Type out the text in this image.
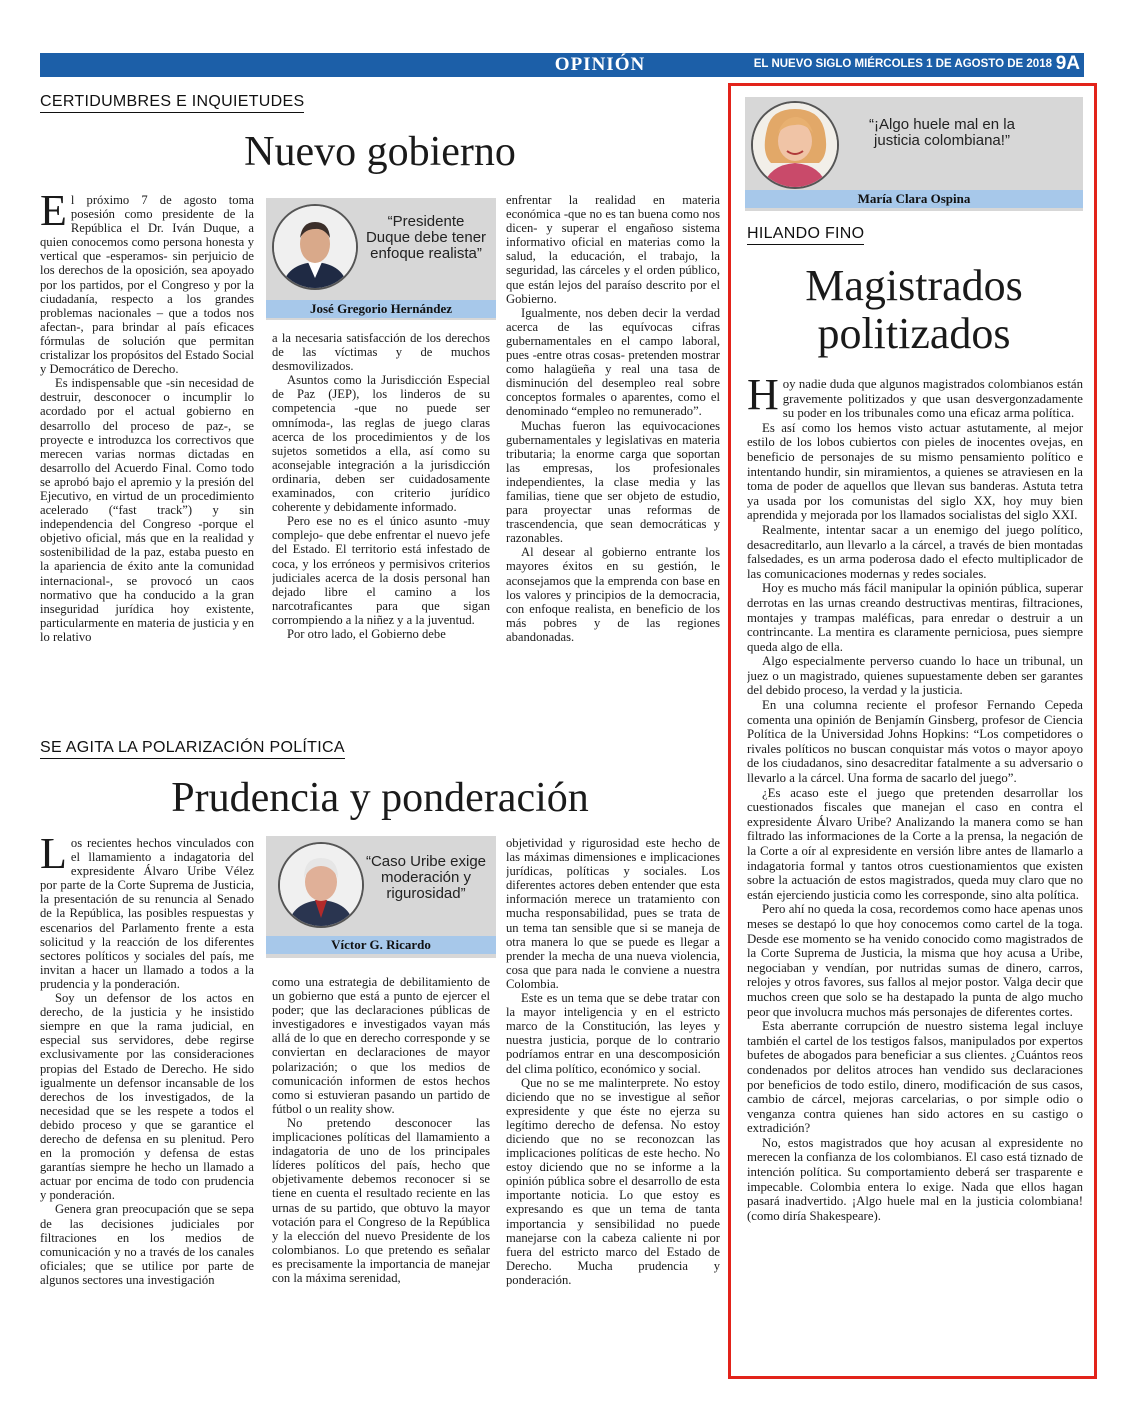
OPINIÓN	EL NUEVO SIGLO MIÉRCOLES 1 DE AGOSTO DE 2018 9A
CERTIDUMBRES E INQUIETUDES
Nuevo gobierno

El próximo 7 de agosto toma posesión como presidente de la República el Dr. Iván Duque, a quien conocemos como persona honesta y vertical que -esperamos- sin perjuicio de los derechos de la oposición, sea apoyado por los partidos, por el Congreso y por la ciudadanía, respecto a los grandes problemas nacionales – que a todos nos afectan-, para brindar al país eficaces fórmulas de solución que permitan cristalizar los propósitos del Estado Social y Democrático de Derecho.

Es indispensable que -sin necesidad de destruir, desconocer o incumplir lo acordado por el actual gobierno en desarrollo del proceso de paz-, se proyecte e introduzca los correctivos que merecen varias normas dictadas en desarrollo del Acuerdo Final. Como todo se aprobó bajo el apremio y la presión del Ejecutivo, en virtud de un procedimiento acelerado (“fast track”) y sin independencia del Congreso -porque el objetivo oficial, más que en la realidad y sostenibilidad de la paz, estaba puesto en la apariencia de éxito ante la comunidad internacional-, se provocó un caos normativo que ha conducido a la gran inseguridad jurídica hoy existente, particularmente en materia de justicia y en lo relativo

“Presidente Duque debe tener enfoque realista”
José Gregorio Hernández

a la necesaria satisfacción de los derechos de las víctimas y de muchos desmovilizados.

Asuntos como la Jurisdicción Especial de Paz (JEP), los linderos de su competencia -que no puede ser omnímoda-, las reglas de juego claras acerca de los procedimientos y de los sujetos sometidos a ella, así como su aconsejable integración a la jurisdicción ordinaria, deben ser cuidadosamente examinados, con criterio jurídico coherente y debidamente informado.

Pero ese no es el único asunto -muy complejo- que debe enfrentar el nuevo jefe del Estado. El territorio está infestado de coca, y los erróneos y permisivos criterios judiciales acerca de la dosis personal han dejado libre el camino a los narcotraficantes para que sigan corrompiendo a la niñez y a la juventud.

Por otro lado, el Gobierno debe

enfrentar la realidad en materia económica -que no es tan buena como nos dicen- y superar el engañoso sistema informativo oficial en materias como la salud, la educación, el trabajo, la seguridad, las cárceles y el orden público, que están lejos del paraíso descrito por el Gobierno.

Igualmente, nos deben decir la verdad acerca de las equívocas cifras gubernamentales en el campo laboral, pues -entre otras cosas- pretenden mostrar como halagüeña y real una tasa de disminución del desempleo real sobre conceptos formales o aparentes, como el denominado “empleo no remunerado”.

Muchas fueron las equivocaciones gubernamentales y legislativas en materia tributaria; la enorme carga que soportan las empresas, los profesionales independientes, la clase media y las familias, tiene que ser objeto de estudio, para proyectar unas reformas de trascendencia, que sean democráticas y razonables.

Al desear al gobierno entrante los mayores éxitos en su gestión, le aconsejamos que la emprenda con base en los valores y principios de la democracia, con enfoque realista, en beneficio de los más pobres y de las regiones abandonadas.

SE AGITA LA POLARIZACIÓN POLÍTICA
Prudencia y ponderación

Los recientes hechos vinculados con el llamamiento a indagatoria del expresidente Álvaro Uribe Vélez por parte de la Corte Suprema de Justicia, la presentación de su renuncia al Senado de la República, las posibles respuestas y escenarios del Parlamento frente a esta solicitud y la reacción de los diferentes sectores políticos y sociales del país, me invitan a hacer un llamado a todos a la prudencia y la ponderación.

Soy un defensor de los actos en derecho, de la justicia y he insistido siempre en que la rama judicial, en especial sus servidores, debe regirse exclusivamente por las consideraciones propias del Estado de Derecho. He sido igualmente un defensor incansable de los derechos de los investigados, de la necesidad que se les respete a todos el debido proceso y que se garantice el derecho de defensa en su plenitud. Pero en la promoción y defensa de estas garantías siempre he hecho un llamado a actuar por encima de todo con prudencia y ponderación.

Genera gran preocupación que se sepa de las decisiones judiciales por filtraciones en los medios de comunicación y no a través de los canales oficiales; que se utilice por parte de algunos sectores una investigación

“Caso Uribe exige moderación y rigurosidad”
Víctor G. Ricardo

como una estrategia de debilitamiento de un gobierno que está a punto de ejercer el poder; que las declaraciones públicas de investigadores e investigados vayan más allá de lo que en derecho corresponde y se conviertan en declaraciones de mayor polarización; o que los medios de comunicación informen de estos hechos como si estuvieran pasando un partido de fútbol o un reality show.

No pretendo desconocer las implicaciones políticas del llamamiento a indagatoria de uno de los principales líderes políticos del país, hecho que objetivamente debemos reconocer si se tiene en cuenta el resultado reciente en las urnas de su partido, que obtuvo la mayor votación para el Congreso de la República y la elección del nuevo Presidente de los colombianos. Lo que pretendo es señalar es precisamente la importancia de manejar con la máxima serenidad,

objetividad y rigurosidad este hecho de las máximas dimensiones e implicaciones jurídicas, políticas y sociales. Los diferentes actores deben entender que esta información merece un tratamiento con mucha responsabilidad, pues se trata de un tema tan sensible que si se maneja de otra manera lo que se puede es llegar a prender la mecha de una nueva violencia, cosa que para nada le conviene a nuestra Colombia.

Este es un tema que se debe tratar con la mayor inteligencia y en el estricto marco de la Constitución, las leyes y nuestra justicia, porque de lo contrario podríamos entrar en una descomposición del clima político, económico y social.

Que no se me malinterprete. No estoy diciendo que no se investigue al señor expresidente y que éste no ejerza su legítimo derecho de defensa. No estoy diciendo que no se reconozcan las implicaciones políticas de este hecho. No estoy diciendo que no se informe a la opinión pública sobre el desarrollo de esta importante noticia. Lo que estoy es expresando es que un tema de tanta importancia y sensibilidad no puede manejarse con la cabeza caliente ni por fuera del estricto marco del Estado de Derecho. Mucha prudencia y ponderación.

“¡Algo huele mal en la justicia colombiana!”
María Clara Ospina
HILANDO FINO
Magistrados
politizados

Hoy nadie duda que algunos magistrados colombianos están gravemente politizados y que usan desvergonzadamente su poder en los tribunales como una eficaz arma política.

Es así como los hemos visto actuar astutamente, al mejor estilo de los lobos cubiertos con pieles de inocentes ovejas, en beneficio de personajes de su mismo pensamiento político e intentando hundir, sin miramientos, a quienes se atraviesen en la toma de poder de aquellos que llevan sus banderas. Astuta tetra ya usada por los comunistas del siglo XX, hoy muy bien aprendida y mejorada por los llamados socialistas del siglo XXI.

Realmente, intentar sacar a un enemigo del juego político, desacreditarlo, aun llevarlo a la cárcel, a través de bien montadas falsedades, es un arma poderosa dado el efecto multiplicador de las comunicaciones modernas y redes sociales.

Hoy es mucho más fácil manipular la opinión pública, superar derrotas en las urnas creando destructivas mentiras, filtraciones, montajes y trampas maléficas, para enredar o destruir a un contrincante. La mentira es claramente perniciosa, pues siempre queda algo de ella.

Algo especialmente perverso cuando lo hace un tribunal, un juez o un magistrado, quienes supuestamente deben ser garantes del debido proceso, la verdad y la justicia.

En una columna reciente el profesor Fernando Cepeda comenta una opinión de Benjamín Ginsberg, profesor de Ciencia Política de la Universidad Johns Hopkins: “Los competidores o rivales políticos no buscan conquistar más votos o mayor apoyo de los ciudadanos, sino desacreditar fatalmente a su adversario o llevarlo a la cárcel. Una forma de sacarlo del juego”.

¿Es acaso este el juego que pretenden desarrollar los cuestionados fiscales que manejan el caso en contra el expresidente Álvaro Uribe? Analizando la manera como se han filtrado las informaciones de la Corte a la prensa, la negación de la Corte a oír al expresidente en versión libre antes de llamarlo a indagatoria formal y tantos otros cuestionamientos que existen sobre la actuación de estos magistrados, queda muy claro que no están ejerciendo justicia como les corresponde, sino alta política.

Pero ahí no queda la cosa, recordemos como hace apenas unos meses se destapó lo que hoy conocemos como cartel de la toga. Desde ese momento se ha venido conocido como magistrados de la Corte Suprema de Justicia, la misma que hoy acusa a Uribe, negociaban y vendían, por nutridas sumas de dinero, carros, relojes y otros favores, sus fallos al mejor postor. Valga decir que muchos creen que solo se ha destapado la punta de algo mucho peor que involucra muchos más personajes de diferentes cortes.

Esta aberrante corrupción de nuestro sistema legal incluye también el cartel de los testigos falsos, manipulados por expertos bufetes de abogados para beneficiar a sus clientes. ¿Cuántos reos condenados por delitos atroces han vendido sus declaraciones por beneficios de todo estilo, dinero, modificación de sus casos, cambio de cárcel, mejoras carcelarias, o por simple odio o venganza contra quienes han sido actores en su castigo o extradición?

No, estos magistrados que hoy acusan al expresidente no merecen la confianza de los colombianos. El caso está tiznado de intención política. Su comportamiento deberá ser trasparente e impecable. Colombia entera lo exige. Nada que ellos hagan pasará inadvertido. ¡Algo huele mal en la justicia colombiana! (como diría Shakespeare).
